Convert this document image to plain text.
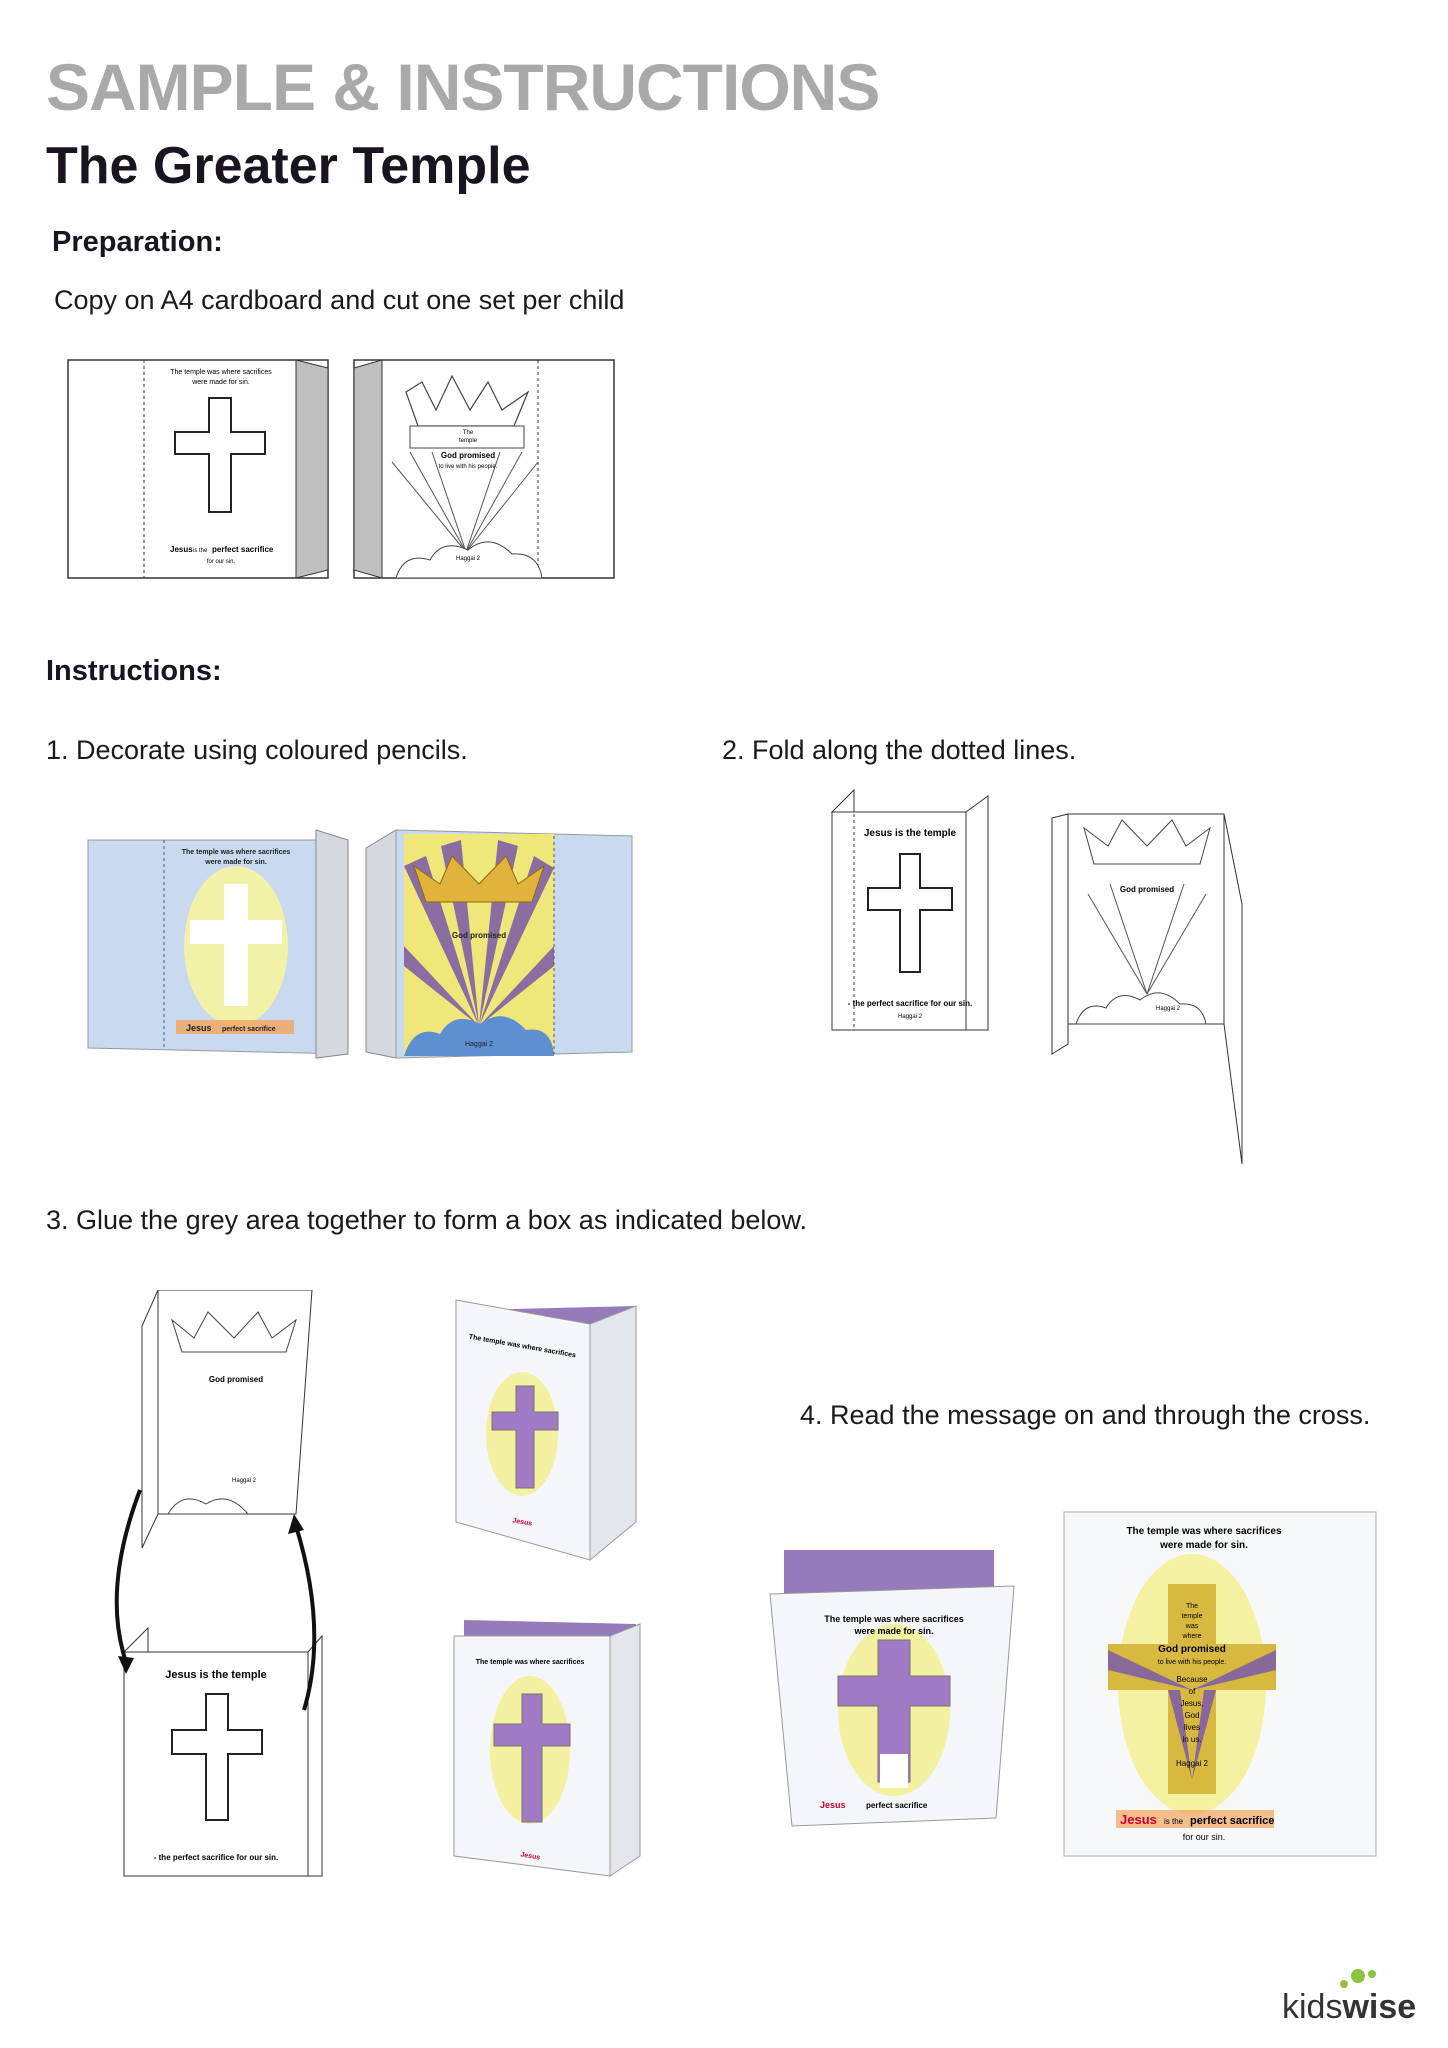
SAMPLE & INSTRUCTIONS
The Greater Temple
Preparation:
Copy on A4 cardboard and cut one set per child
The temple was where sacrifices
were made for sin.
Jesus is the perfect sacrifice
for our sin.
The
temple
God promised
to live with his people.
Haggai 2
Instructions:
1. Decorate using coloured pencils.	2. Fold along the dotted lines.
3. Glue the grey area together to form a box as indicated below.
4. Read the message on and through the cross.
The temple was where sacrifices
were made for sin.
Jesus perfect sacrifice
God promised
Haggai 2
Jesus is the temple
- the perfect sacrifice for our sin.
Haggai 2
God promised
Haggai 2
God promised
Haggai 2
Jesus is the temple
- the perfect sacrifice for our sin.
The temple was where sacrifices
Jesus
The temple was where sacrifices
Jesus
The temple was where sacrifices
were made for sin.
Jesus	perfect sacrifice
The temple was where sacrifices
were made for sin.
The
temple
was
where
God promised
to live with his people.
Because
of
Jesus,
God
lives
in us.
Haggai 2
Jesus is the perfect sacrifice
for our sin.
kidswise
